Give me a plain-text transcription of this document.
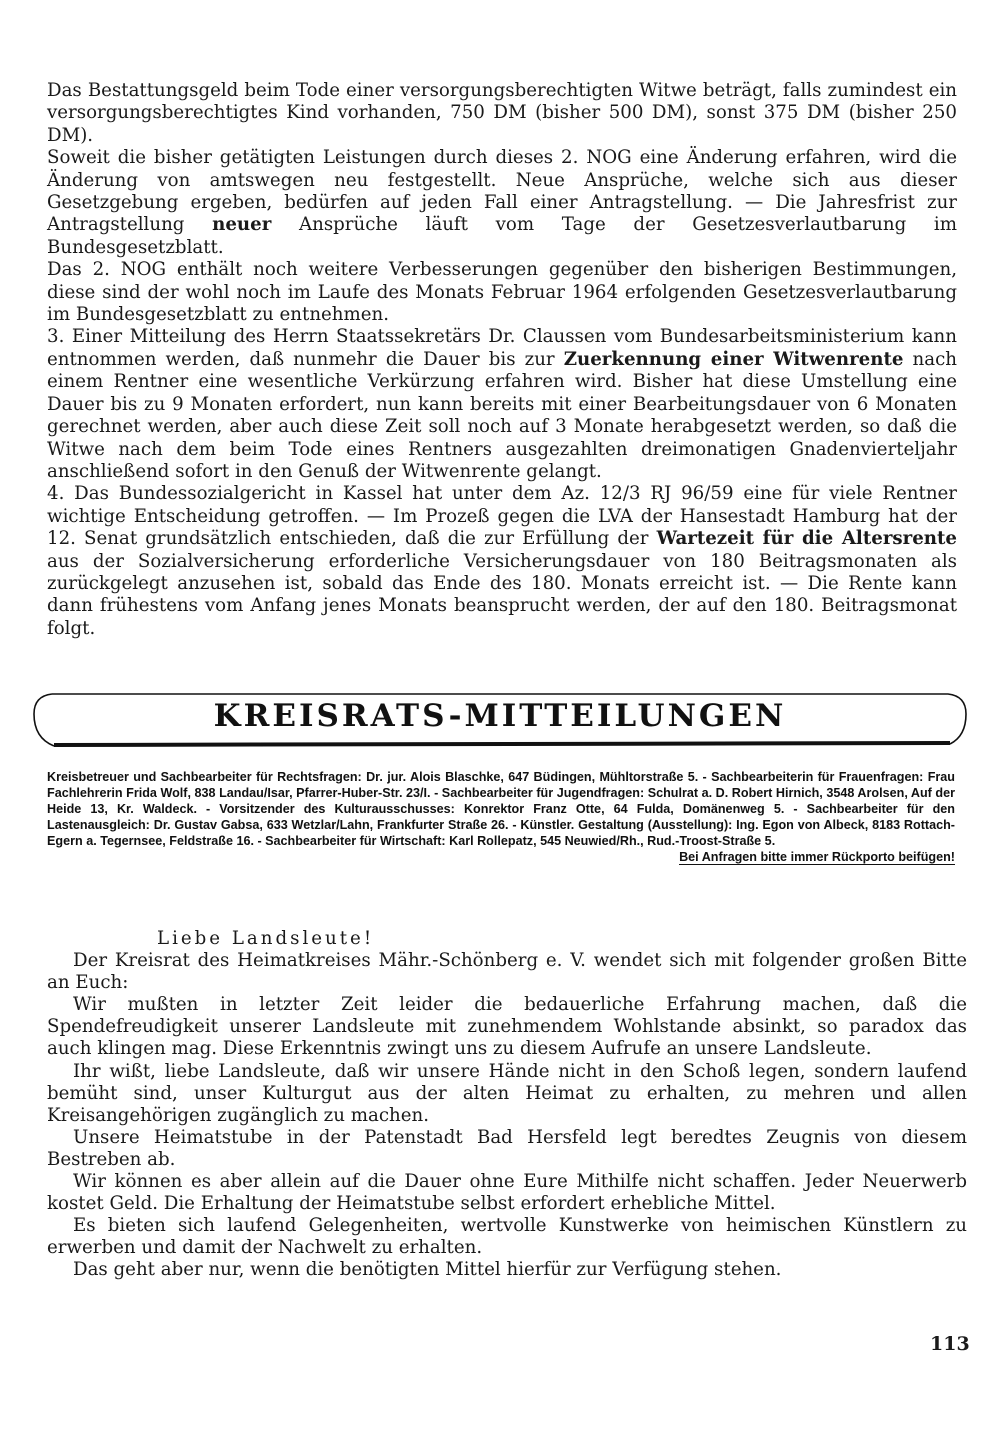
Das Bestattungsgeld beim Tode einer versorgungsberechtigten Witwe beträgt, falls zumindest ein versorgungsberechtigtes Kind vorhanden, 750 DM (bisher 500 DM), sonst 375 DM (bisher 250 DM).

Soweit die bisher getätigten Leistungen durch dieses 2. NOG eine Änderung erfahren, wird die Änderung von amtswegen neu festgestellt. Neue Ansprüche, welche sich aus dieser Gesetzgebung ergeben, bedürfen auf jeden Fall einer Antragstellung. — Die Jahresfrist zur Antragstellung neuer Ansprüche läuft vom Tage der Gesetzesverlautbarung im Bundesgesetzblatt.

Das 2. NOG enthält noch weitere Verbesserungen gegenüber den bisherigen Bestimmungen, diese sind der wohl noch im Laufe des Monats Februar 1964 erfolgenden Gesetzesverlautbarung im Bundesgesetzblatt zu entnehmen.

3. Einer Mitteilung des Herrn Staatssekretärs Dr. Claussen vom Bundesarbeitsministerium kann entnommen werden, daß nunmehr die Dauer bis zur Zuerkennung einer Witwenrente nach einem Rentner eine wesentliche Verkürzung erfahren wird. Bisher hat diese Umstellung eine Dauer bis zu 9 Monaten erfordert, nun kann bereits mit einer Bearbeitungsdauer von 6 Monaten gerechnet werden, aber auch diese Zeit soll noch auf 3 Monate herabgesetzt werden, so daß die Witwe nach dem beim Tode eines Rentners ausgezahlten dreimonatigen Gnadenvierteljahr anschließend sofort in den Genuß der Witwenrente gelangt.

4. Das Bundessozialgericht in Kassel hat unter dem Az. 12/3 RJ 96/59 eine für viele Rentner wichtige Entscheidung getroffen. — Im Prozeß gegen die LVA der Hansestadt Hamburg hat der 12. Senat grundsätzlich entschieden, daß die zur Erfüllung der Wartezeit für die Altersrente aus der Sozialversicherung erforderliche Versicherungsdauer von 180 Beitragsmonaten als zurückgelegt anzusehen ist, sobald das Ende des 180. Monats erreicht ist. — Die Rente kann dann frühestens vom Anfang jenes Monats beansprucht werden, der auf den 180. Beitragsmonat folgt.

KREISRATS-MITTEILUNGEN
Kreisbetreuer und Sachbearbeiter für Rechtsfragen: Dr. jur. Alois Blaschke, 647 Büdingen, Mühltorstraße 5. - Sachbearbeiterin für Frauenfragen: Frau Fachlehrerin Frida Wolf, 838 Landau/Isar, Pfarrer-Huber-Str. 23/I. - Sachbearbeiter für Jugendfragen: Schulrat a. D. Robert Hirnich, 3548 Arolsen, Auf der Heide 13, Kr. Waldeck. - Vorsitzender des Kulturausschusses: Konrektor Franz Otte, 64 Fulda, Domänenweg 5. - Sachbearbeiter für den Lastenausgleich: Dr. Gustav Gabsa, 633 Wetzlar/Lahn, Frankfurter Straße 26. - Künstler. Gestaltung (Ausstellung): Ing. Egon von Albeck, 8183 Rottach-Egern a. Tegernsee, Feldstraße 16. - Sachbearbeiter für Wirtschaft: Karl Rollepatz, 545 Neuwied/Rh., Rud.-Troost-Straße 5.
Bei Anfragen bitte immer Rückporto beifügen!

Liebe Landsleute!

Der Kreisrat des Heimatkreises Mähr.-Schönberg e. V. wendet sich mit folgender großen Bitte an Euch:

Wir mußten in letzter Zeit leider die bedauerliche Erfahrung machen, daß die Spendefreudigkeit unserer Landsleute mit zunehmendem Wohlstande absinkt, so paradox das auch klingen mag. Diese Erkenntnis zwingt uns zu diesem Aufrufe an unsere Landsleute.

Ihr wißt, liebe Landsleute, daß wir unsere Hände nicht in den Schoß legen, sondern laufend bemüht sind, unser Kulturgut aus der alten Heimat zu erhalten, zu mehren und allen Kreisangehörigen zugänglich zu machen.

Unsere Heimatstube in der Patenstadt Bad Hersfeld legt beredtes Zeugnis von diesem Bestreben ab.

Wir können es aber allein auf die Dauer ohne Eure Mithilfe nicht schaffen. Jeder Neuerwerb kostet Geld. Die Erhaltung der Heimatstube selbst erfordert erhebliche Mittel.

Es bieten sich laufend Gelegenheiten, wertvolle Kunstwerke von heimischen Künstlern zu erwerben und damit der Nachwelt zu erhalten.

Das geht aber nur, wenn die benötigten Mittel hierfür zur Verfügung stehen.

113
